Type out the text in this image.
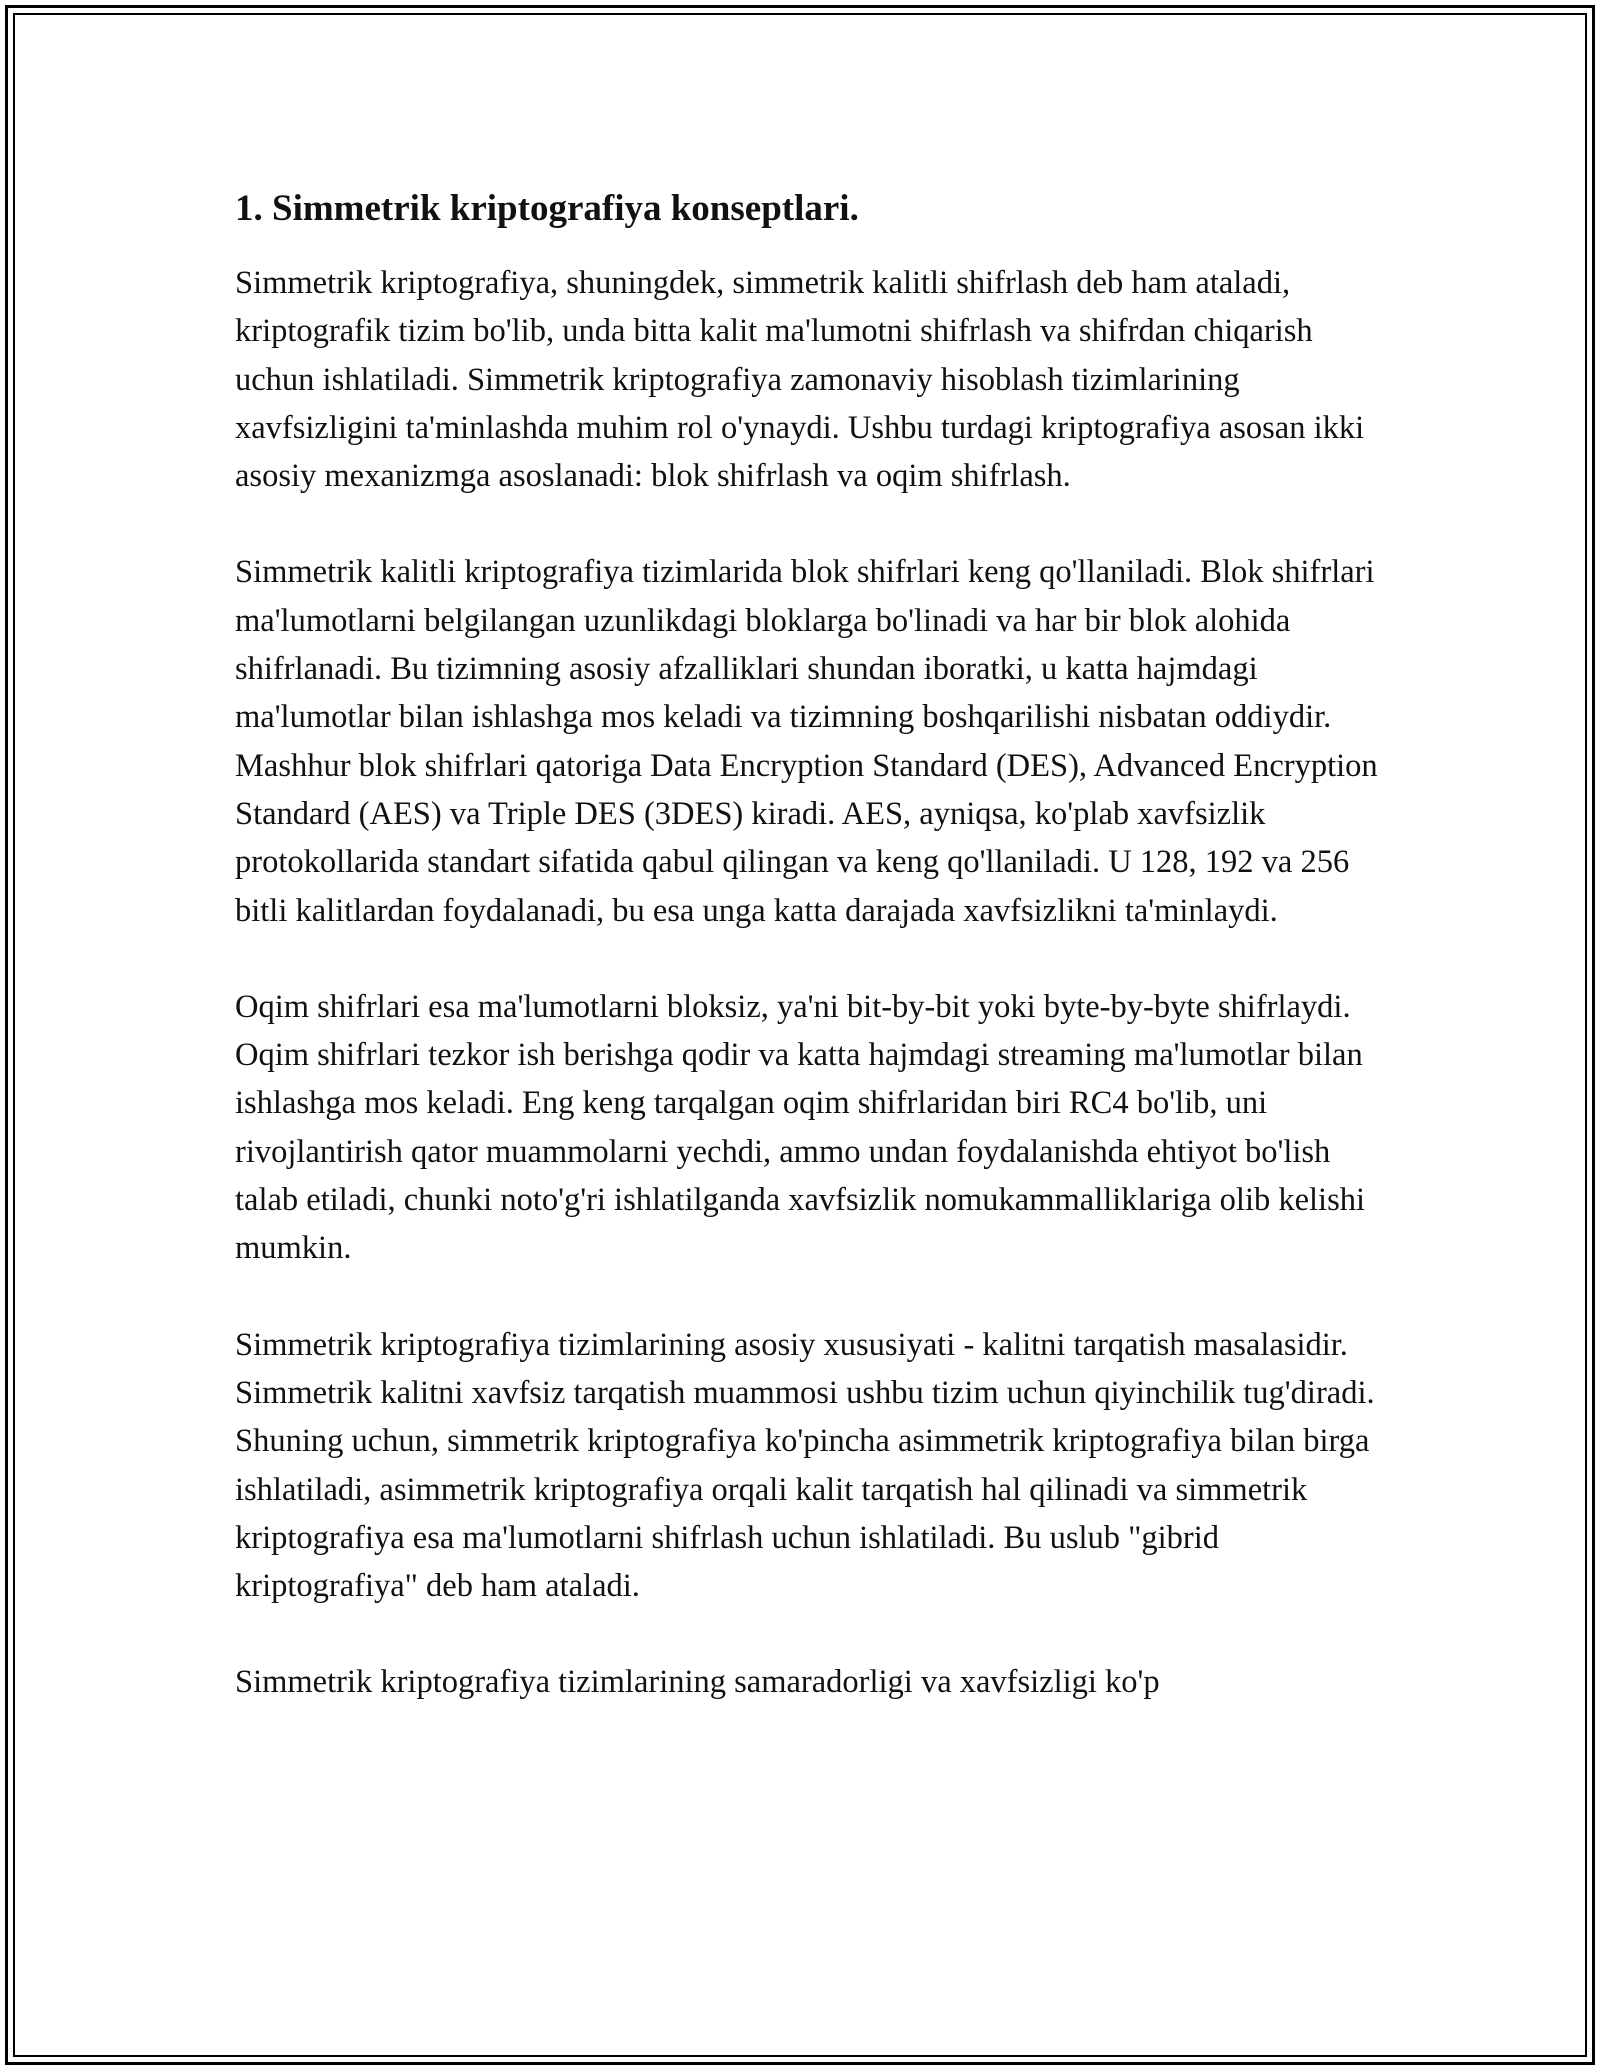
1. Simmetrik kriptografiya konseptlari.

Simmetrik kriptografiya, shuningdek, simmetrik kalitli shifrlash deb ham ataladi, kriptografik tizim bo'lib, unda bitta kalit ma'lumotni shifrlash va shifrdan chiqarish uchun ishlatiladi. Simmetrik kriptografiya zamonaviy hisoblash tizimlarining xavfsizligini ta'minlashda muhim rol o'ynaydi. Ushbu turdagi kriptografiya asosan ikki asosiy mexanizmga asoslanadi: blok shifrlash va oqim shifrlash.

Simmetrik kalitli kriptografiya tizimlarida blok shifrlari keng qo'llaniladi. Blok shifrlari ma'lumotlarni belgilangan uzunlikdagi bloklarga bo'linadi va har bir blok alohida shifrlanadi. Bu tizimning asosiy afzalliklari shundan iboratki, u katta hajmdagi ma'lumotlar bilan ishlashga mos keladi va tizimning boshqarilishi nisbatan oddiydir. Mashhur blok shifrlari qatoriga Data Encryption Standard (DES), Advanced Encryption Standard (AES) va Triple DES (3DES) kiradi. AES, ayniqsa, ko'plab xavfsizlik protokollarida standart sifatida qabul qilingan va keng qo'llaniladi. U 128, 192 va 256 bitli kalitlardan foydalanadi, bu esa unga katta darajada xavfsizlikni ta'minlaydi.

Oqim shifrlari esa ma'lumotlarni bloksiz, ya'ni bit-by-bit yoki byte-by-byte shifrlaydi. Oqim shifrlari tezkor ish berishga qodir va katta hajmdagi streaming ma'lumotlar bilan ishlashga mos keladi. Eng keng tarqalgan oqim shifrlaridan biri RC4 bo'lib, uni rivojlantirish qator muammolarni yechdi, ammo undan foydalanishda ehtiyot bo'lish talab etiladi, chunki noto'g'ri ishlatilganda xavfsizlik nomukammalliklariga olib kelishi mumkin.

Simmetrik kriptografiya tizimlarining asosiy xususiyati - kalitni tarqatish masalasidir. Simmetrik kalitni xavfsiz tarqatish muammosi ushbu tizim uchun qiyinchilik tug'diradi. Shuning uchun, simmetrik kriptografiya ko'pincha asimmetrik kriptografiya bilan birga ishlatiladi, asimmetrik kriptografiya orqali kalit tarqatish hal qilinadi va simmetrik kriptografiya esa ma'lumotlarni shifrlash uchun ishlatiladi. Bu uslub "gibrid kriptografiya" deb ham ataladi.

Simmetrik kriptografiya tizimlarining samaradorligi va xavfsizligi ko'p
